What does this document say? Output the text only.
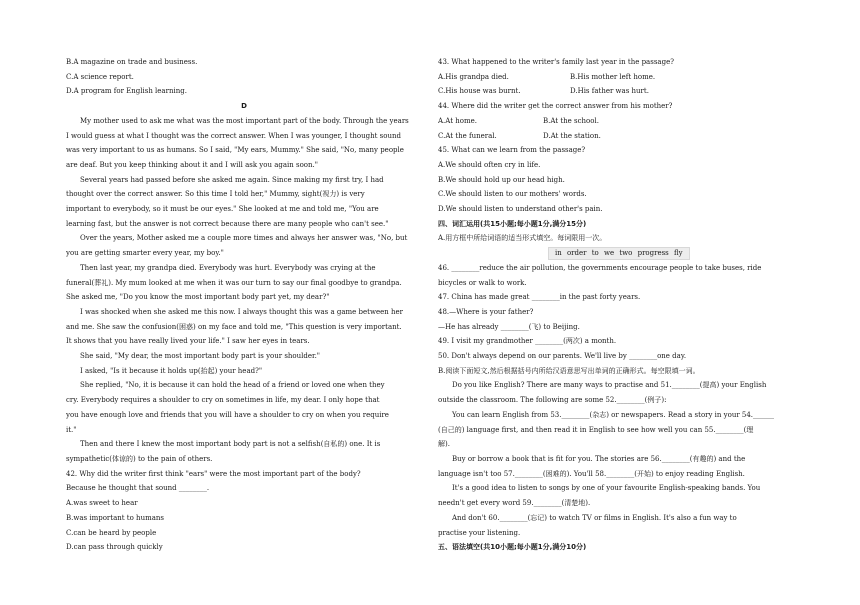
B.A magazine on trade and business.
C.A science report.
D.A program for English learning.
D
My mother used to ask me what was the most important part of the body. Through the years
I would guess at what I thought was the correct answer. When I was younger, I thought sound
was very important to us as humans. So I said, "My ears, Mummy." She said, "No, many people
are deaf. But you keep thinking about it and I will ask you again soon."
Several years had passed before she asked me again. Since making my first try, I had
thought over the correct answer. So this time I told her," Mummy, sight(视力) is very
important to everybody, so it must be our eyes." She looked at me and told me, "You are
learning fast, but the answer is not correct because there are many people who can't see."
Over the years, Mother asked me a couple more times and always her answer was, "No, but
you are getting smarter every year, my boy."
Then last year, my grandpa died. Everybody was hurt. Everybody was crying at the
funeral(葬礼). My mum looked at me when it was our turn to say our final goodbye to grandpa.
She asked me, "Do you know the most important body part yet, my dear?"
I was shocked when she asked me this now. I always thought this was a game between her
and me. She saw the confusion(困惑) on my face and told me, "This question is very important.
It shows that you have really lived your life." I saw her eyes in tears.
She said, "My dear, the most important body part is your shoulder."
I asked, "Is it because it holds up(抬起) your head?"
She replied, "No, it is because it can hold the head of a friend or loved one when they
cry. Everybody requires a shoulder to cry on sometimes in life, my dear. I only hope that
you have enough love and friends that you will have a shoulder to cry on when you require
it."
Then and there I knew the most important body part is not a selfish(自私的) one. It is
sympathetic(体谅的) to the pain of others.
42. Why did the writer first think "ears" were the most important part of the body?
Because he thought that sound ________.
A.was sweet to hear
B.was important to humans
C.can be heard by people
D.can pass through quickly
43. What happened to the writer's family last year in the passage?
A.His grandpa died.	B.His mother left home.
C.His house was burnt.	D.His father was hurt.
44. Where did the writer get the correct answer from his mother?
A.At home.	B.At the school.
C.At the funeral.	D.At the station.
45. What can we learn from the passage?
A.We should often cry in life.
B.We should hold up our head high.
C.We should listen to our mothers' words.
D.We should listen to understand other's pain.
四、词汇运用(共15小题;每小题1分,满分15分)
A.用方框中所给词语的适当形式填空。每词限用一次。
in order to we two progress fly
46. ________reduce the air pollution, the governments encourage people to take buses, ride
bicycles or walk to work.
47. China has made great ________in the past forty years.
48.—Where is your father?
—He has already ________(飞) to Beijing.
49. I visit my grandmother ________(两次) a month.
50. Don't always depend on our parents. We'll live by ________one day.
B.阅读下面短文,然后根据括号内所给汉语意思写出单词的正确形式。每空限填一词。
Do you like English? There are many ways to practise and 51.________(提高) your English
outside the classroom. The following are some 52.________(例子):
You can learn English from 53.________(杂志) or newspapers. Read a story in your 54.______
(自己的) language first, and then read it in English to see how well you can 55.________(理
解).
Buy or borrow a book that is fit for you. The stories are 56.________(有趣的) and the
language isn't too 57.________(困难的). You'll 58.________(开始) to enjoy reading English.
It's a good idea to listen to songs by one of your favourite English-speaking bands. You
needn't get every word 59.________(清楚地).
And don't 60.________(忘记) to watch TV or films in English. It's also a fun way to
practise your listening.
五、语法填空(共10小题;每小题1分,满分10分)
